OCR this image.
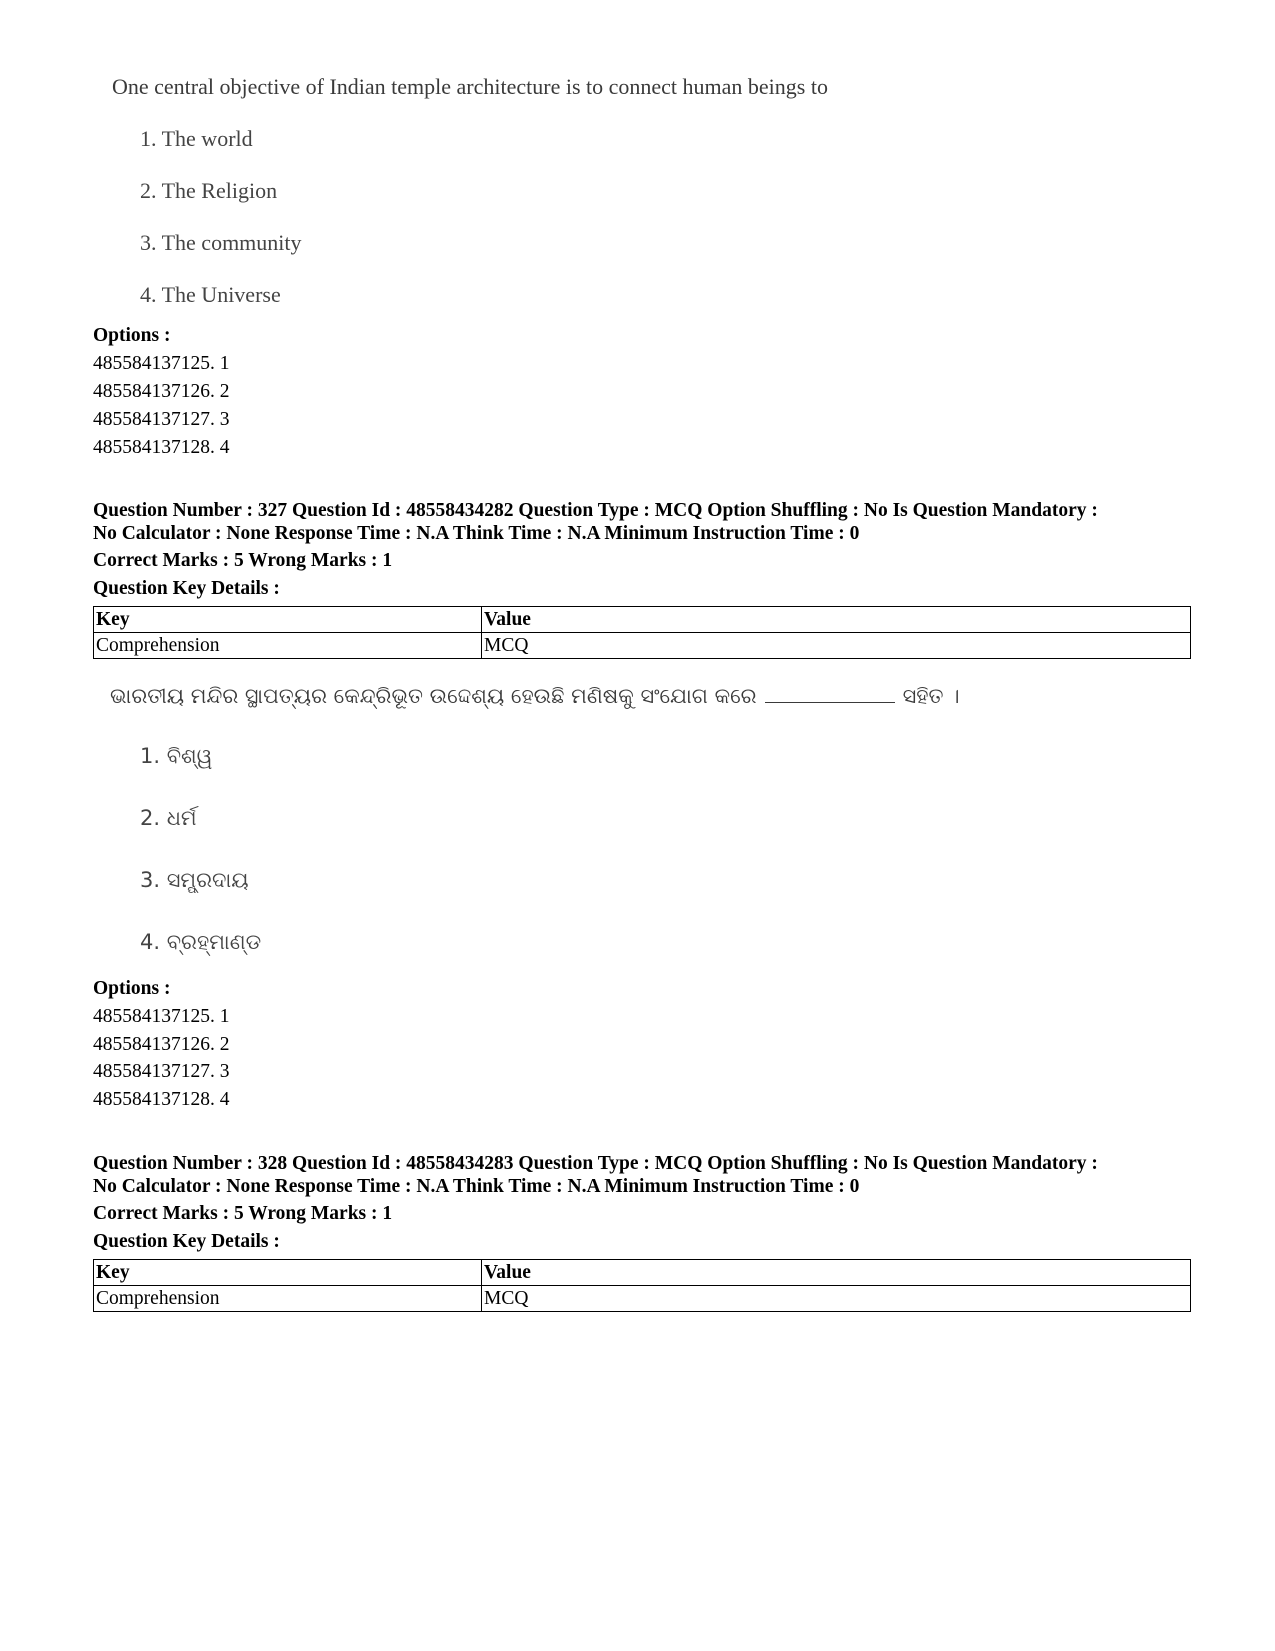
One central objective of Indian temple architecture is to connect human beings to
1. The world
2. The Religion
3. The community
4. The Universe
Options :
485584137125. 1
485584137126. 2
485584137127. 3
485584137128. 4
Question Number : 327 Question Id : 48558434282 Question Type : MCQ Option Shuffling : No Is Question Mandatory :
No Calculator : None Response Time : N.A Think Time : N.A Minimum Instruction Time : 0
Correct Marks : 5 Wrong Marks : 1
Question Key Details :
Key	Value
Comprehension	MCQ
ଭାରତୀୟ ମନ୍ଦିର ସ୍ଥାପତ୍ୟର କେନ୍ଦ୍ରିଭୂତ ଉଦ୍ଦେଶ୍ୟ ହେଉଛି ମଣିଷକୁ ସଂଯୋଗ କରେ	ସହିତ ।
1. ବିଶ୍ୱ
2. ଧର୍ମ
3. ସମ୍ପ୍ରଦାୟ
4. ବ୍ରହ୍ମାଣ୍ଡ
Options :
485584137125. 1
485584137126. 2
485584137127. 3
485584137128. 4
Question Number : 328 Question Id : 48558434283 Question Type : MCQ Option Shuffling : No Is Question Mandatory :
No Calculator : None Response Time : N.A Think Time : N.A Minimum Instruction Time : 0
Correct Marks : 5 Wrong Marks : 1
Question Key Details :
Key	Value
Comprehension	MCQ
